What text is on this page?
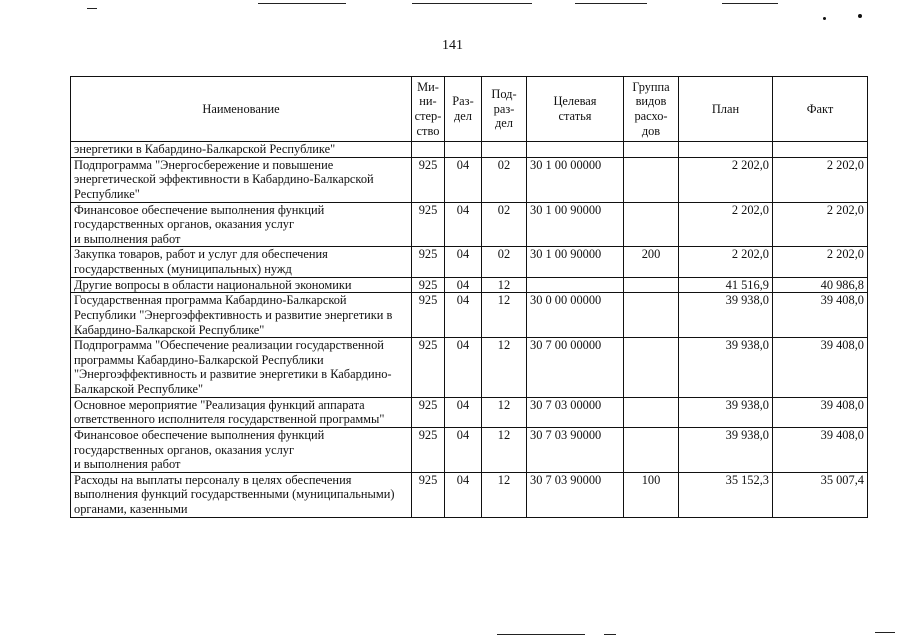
141
Наименование	Ми-
ни-
стер-
ство	Раз-
дел	Под-
раз-
дел	Целевая
статья	Группа
видов
расхо-
дов	План	Факт
энергетики в Кабардино-Балкарской Республике"							
Подпрограмма "Энергосбережение и повышение энергетической эффективности в Кабардино-Балкарской Республике"	925	04	02	30 1 00 00000		2 202,0	2 202,0
Финансовое обеспечение выполнения функций государственных органов, оказания услуг
и выполнения работ	925	04	02	30 1 00 90000		2 202,0	2 202,0
Закупка товаров, работ и услуг для обеспечения государственных (муниципальных) нужд	925	04	02	30 1 00 90000	200	2 202,0	2 202,0
Другие вопросы в области национальной экономики	925	04	12			41 516,9	40 986,8
Государственная программа Кабардино-Балкарской Республики "Энергоэффективность и развитие энергетики в Кабардино-Балкарской Республике"	925	04	12	30 0 00 00000		39 938,0	39 408,0
Подпрограмма "Обеспечение реализации государственной программы Кабардино-Балкарской Республики "Энергоэффективность и развитие энергетики в Кабардино-Балкарской Республике"	925	04	12	30 7 00 00000		39 938,0	39 408,0
Основное мероприятие "Реализация функций аппарата ответственного исполнителя государственной программы"	925	04	12	30 7 03 00000		39 938,0	39 408,0
Финансовое обеспечение выполнения функций государственных органов, оказания услуг
и выполнения работ	925	04	12	30 7 03 90000		39 938,0	39 408,0
Расходы на выплаты персоналу в целях обеспечения выполнения функций государственными (муниципальными) органами, казенными	925	04	12	30 7 03 90000	100	35 152,3	35 007,4
